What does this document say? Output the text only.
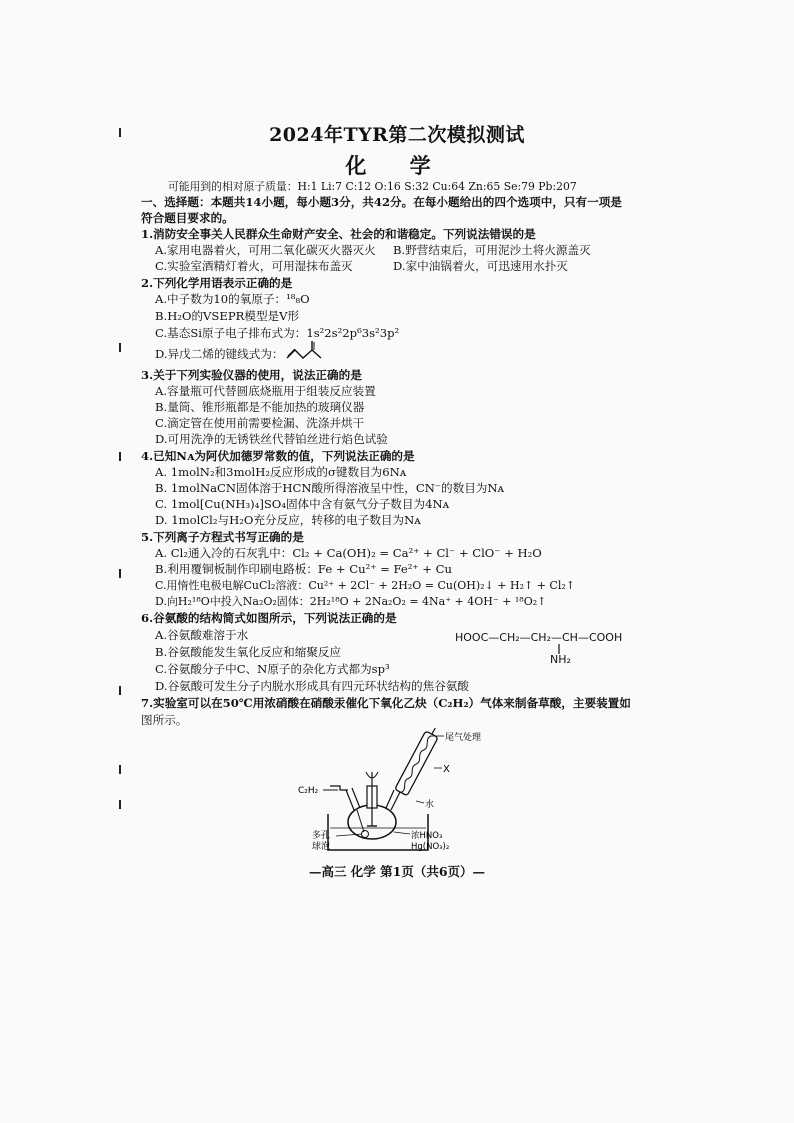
2024年TYR第二次模拟测试
化 学
可能用到的相对原子质量：H:1 Li:7 C:12 O:16 S:32 Cu:64 Zn:65 Se:79 Pb:207
一、选择题：本题共14小题，每小题3分，共42分。在每小题给出的四个选项中，只有一项是
符合题目要求的。
1.消防安全事关人民群众生命财产安全、社会的和谐稳定。下列说法错误的是
A.家用电器着火，可用二氧化碳灭火器灭火 B.野营结束后，可用泥沙土将火源盖灭
C.实验室酒精灯着火，可用湿抹布盖灭	D.家中油锅着火，可迅速用水扑灭
2.下列化学用语表示正确的是
A.中子数为10的氧原子：¹⁸₈O
B.H₂O的VSEPR模型是V形
C.基态Si原子电子排布式为：1s²2s²2p⁶3s²3p²
D.异戊二烯的键线式为：
3.关于下列实验仪器的使用，说法正确的是
A.容量瓶可代替圆底烧瓶用于组装反应装置
B.量筒、锥形瓶都是不能加热的玻璃仪器
C.滴定管在使用前需要检漏、洗涤并烘干
D.可用洗净的无锈铁丝代替铂丝进行焰色试验
4.已知Nᴀ为阿伏加德罗常数的值，下列说法正确的是
A. 1molN₂和3molH₂反应形成的σ键数目为6Nᴀ
B. 1molNaCN固体溶于HCN酸所得溶液呈中性，CN⁻的数目为Nᴀ
C. 1mol[Cu(NH₃)₄]SO₄固体中含有氨气分子数目为4Nᴀ
D. 1molCl₂与H₂O充分反应，转移的电子数目为Nᴀ
5.下列离子方程式书写正确的是
A. Cl₂通入冷的石灰乳中：Cl₂ + Ca(OH)₂ = Ca²⁺ + Cl⁻ + ClO⁻ + H₂O
B.利用覆铜板制作印刷电路板：Fe + Cu²⁺ = Fe²⁺ + Cu
C.用惰性电极电解CuCl₂溶液：Cu²⁺ + 2Cl⁻ + 2H₂O = Cu(OH)₂↓ + H₂↑ + Cl₂↑
D.向H₂¹⁸O中投入Na₂O₂固体：2H₂¹⁸O + 2Na₂O₂ = 4Na⁺ + 4OH⁻ + ¹⁸O₂↑
6.谷氨酸的结构简式如图所示，下列说法正确的是
A.谷氨酸难溶于水
B.谷氨酸能发生氧化反应和缩聚反应
C.谷氨酸分子中C、N原子的杂化方式都为sp³
D.谷氨酸可发生分子内脱水形成具有四元环状结构的焦谷氨酸
HOOC—CH₂—CH₂—CH—COOH
NH₂
7.实验室可以在50℃用浓硝酸在硝酸汞催化下氧化乙炔（C₂H₂）气体来制备草酸，主要装置如
图所示。
尾气处理
X
水
C₂H₂
多孔
球泡
浓HNO₃
Hg(NO₃)₂
—高三 化学 第1页（共6页）—
